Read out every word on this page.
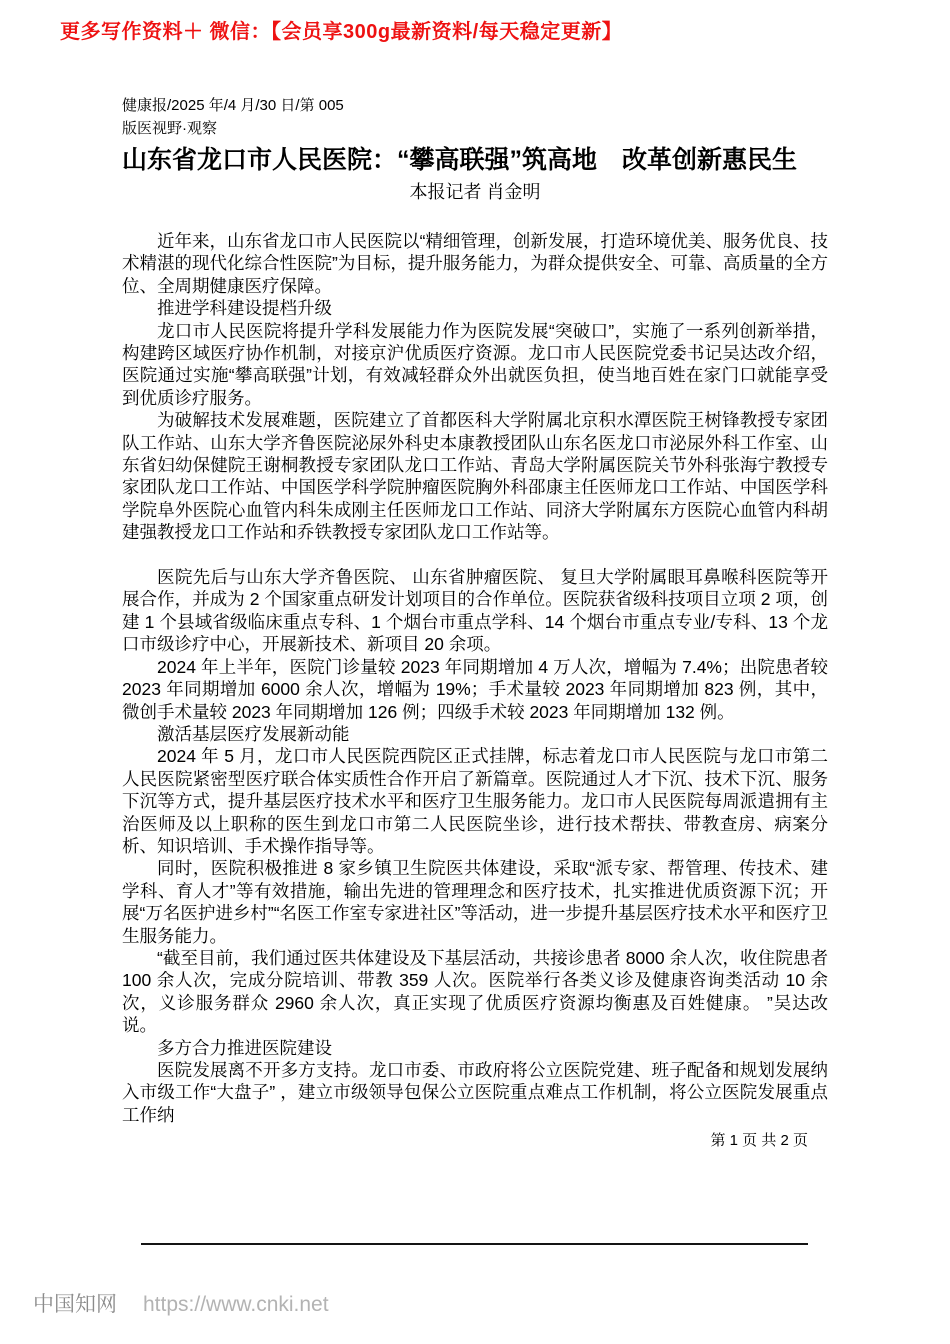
更多写作资料＋ 微信：【会员享300g最新资料/每天稳定更新】
健康报/2025 年/4 月/30 日/第 005
版医视野·观察
山东省龙口市人民医院：“攀高联强”筑高地　改革创新惠民生
本报记者 肖金明

近年来，山东省龙口市人民医院以“精细管理，创新发展，打造环境优美、服务优良、技术精湛的现代化综合性医院”为目标，提升服务能力，为群众提供安全、可靠、高质量的全方位、全周期健康医疗保障。

推进学科建设提档升级

龙口市人民医院将提升学科发展能力作为医院发展“突破口”，实施了一系列创新举措，构建跨区域医疗协作机制，对接京沪优质医疗资源。龙口市人民医院党委书记吴达改介绍，医院通过实施“攀高联强”计划，有效减轻群众外出就医负担，使当地百姓在家门口就能享受到优质诊疗服务。

为破解技术发展难题，医院建立了首都医科大学附属北京积水潭医院王树锋教授专家团队工作站、山东大学齐鲁医院泌尿外科史本康教授团队山东名医龙口市泌尿外科工作室、山东省妇幼保健院王谢桐教授专家团队龙口工作站、青岛大学附属医院关节外科张海宁教授专家团队龙口工作站、中国医学科学院肿瘤医院胸外科邵康主任医师龙口工作站、中国医学科学院阜外医院心血管内科朱成刚主任医师龙口工作站、同济大学附属东方医院心血管内科胡建强教授龙口工作站和乔铁教授专家团队龙口工作站等。

医院先后与山东大学齐鲁医院、 山东省肿瘤医院、 复旦大学附属眼耳鼻喉科医院等开展合作，并成为 2 个国家重点研发计划项目的合作单位。医院获省级科技项目立项 2 项，创建 1 个县域省级临床重点专科、1 个烟台市重点学科、14 个烟台市重点专业/专科、13 个龙口市级诊疗中心，开展新技术、新项目 20 余项。

2024 年上半年，医院门诊量较 2023 年同期增加 4 万人次，增幅为 7.4%；出院患者较 2023 年同期增加 6000 余人次，增幅为 19%；手术量较 2023 年同期增加 823 例，其中，微创手术量较 2023 年同期增加 126 例；四级手术较 2023 年同期增加 132 例。

激活基层医疗发展新动能

2024 年 5 月，龙口市人民医院西院区正式挂牌，标志着龙口市人民医院与龙口市第二人民医院紧密型医疗联合体实质性合作开启了新篇章。医院通过人才下沉、技术下沉、服务下沉等方式，提升基层医疗技术水平和医疗卫生服务能力。龙口市人民医院每周派遣拥有主治医师及以上职称的医生到龙口市第二人民医院坐诊，进行技术帮扶、带教查房、病案分析、知识培训、手术操作指导等。

同时，医院积极推进 8 家乡镇卫生院医共体建设，采取“派专家、帮管理、传技术、建学科、育人才”等有效措施，输出先进的管理理念和医疗技术，扎实推进优质资源下沉；开展“万名医护进乡村”“名医工作室专家进社区”等活动，进一步提升基层医疗技术水平和医疗卫生服务能力。

“截至目前，我们通过医共体建设及下基层活动，共接诊患者 8000 余人次，收住院患者 100 余人次，完成分院培训、带教 359 人次。医院举行各类义诊及健康咨询类活动 10 余次，义诊服务群众 2960 余人次，真正实现了优质医疗资源均衡惠及百姓健康。 ”吴达改说。

多方合力推进医院建设

医院发展离不开多方支持。龙口市委、市政府将公立医院党建、班子配备和规划发展纳入市级工作“大盘子” ，建立市级领导包保公立医院重点难点工作机制，将公立医院发展重点工作纳

第 1 页 共 2 页
中国知网 https://www.cnki.net
